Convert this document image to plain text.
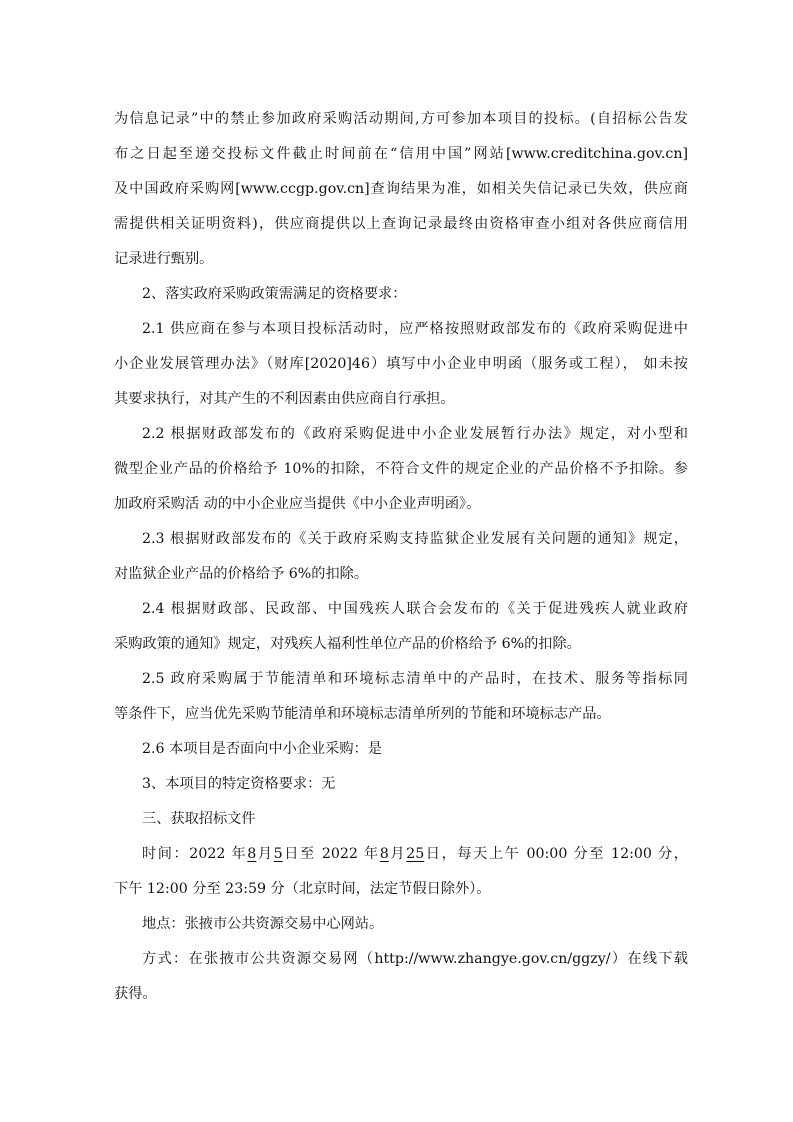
为信息记录”中的禁止参加政府采购活动期间,方可参加本项目的投标。(自招标公告发
布之日起至递交投标文件截止时间前在“信用中国”网站[www.creditchina.gov.cn]
及中国政府采购网[www.ccgp.gov.cn]查询结果为准，如相关失信记录已失效，供应商
需提供相关证明资料)，供应商提供以上查询记录最终由资格审查小组对各供应商信用
记录进行甄别。
2、落实政府采购政策需满足的资格要求：
2.1 供应商在参与本项目投标活动时，应严格按照财政部发布的《政府采购促进中
小企业发展管理办法》（财库[2020]46）填写中小企业申明函（服务或工程）， 如未按
其要求执行，对其产生的不利因素由供应商自行承担。
2.2 根据财政部发布的《政府采购促进中小企业发展暂行办法》规定，对小型和
微型企业产品的价格给予 10%的扣除，不符合文件的规定企业的产品价格不予扣除。参
加政府采购活 动的中小企业应当提供《中小企业声明函》。
2.3 根据财政部发布的《关于政府采购支持监狱企业发展有关问题的通知》规定，
对监狱企业产品的价格给予 6%的扣除。
2.4 根据财政部、民政部、中国残疾人联合会发布的《关于促进残疾人就业政府
采购政策的通知》规定，对残疾人福利性单位产品的价格给予 6%的扣除。
2.5 政府采购属于节能清单和环境标志清单中的产品时，在技术、服务等指标同
等条件下，应当优先采购节能清单和环境标志清单所列的节能和环境标志产品。
2.6 本项目是否面向中小企业采购：是
3、本项目的特定资格要求：无
三、获取招标文件
时间：2022 年8月5日至 2022 年8月25日，每天上午 00:00 分至 12:00 分，
下午 12:00 分至 23:59 分（北京时间，法定节假日除外）。
地点：张掖市公共资源交易中心网站。
方式：在张掖市公共资源交易网（http://www.zhangye.gov.cn/ggzy/）在线下载
获得。
